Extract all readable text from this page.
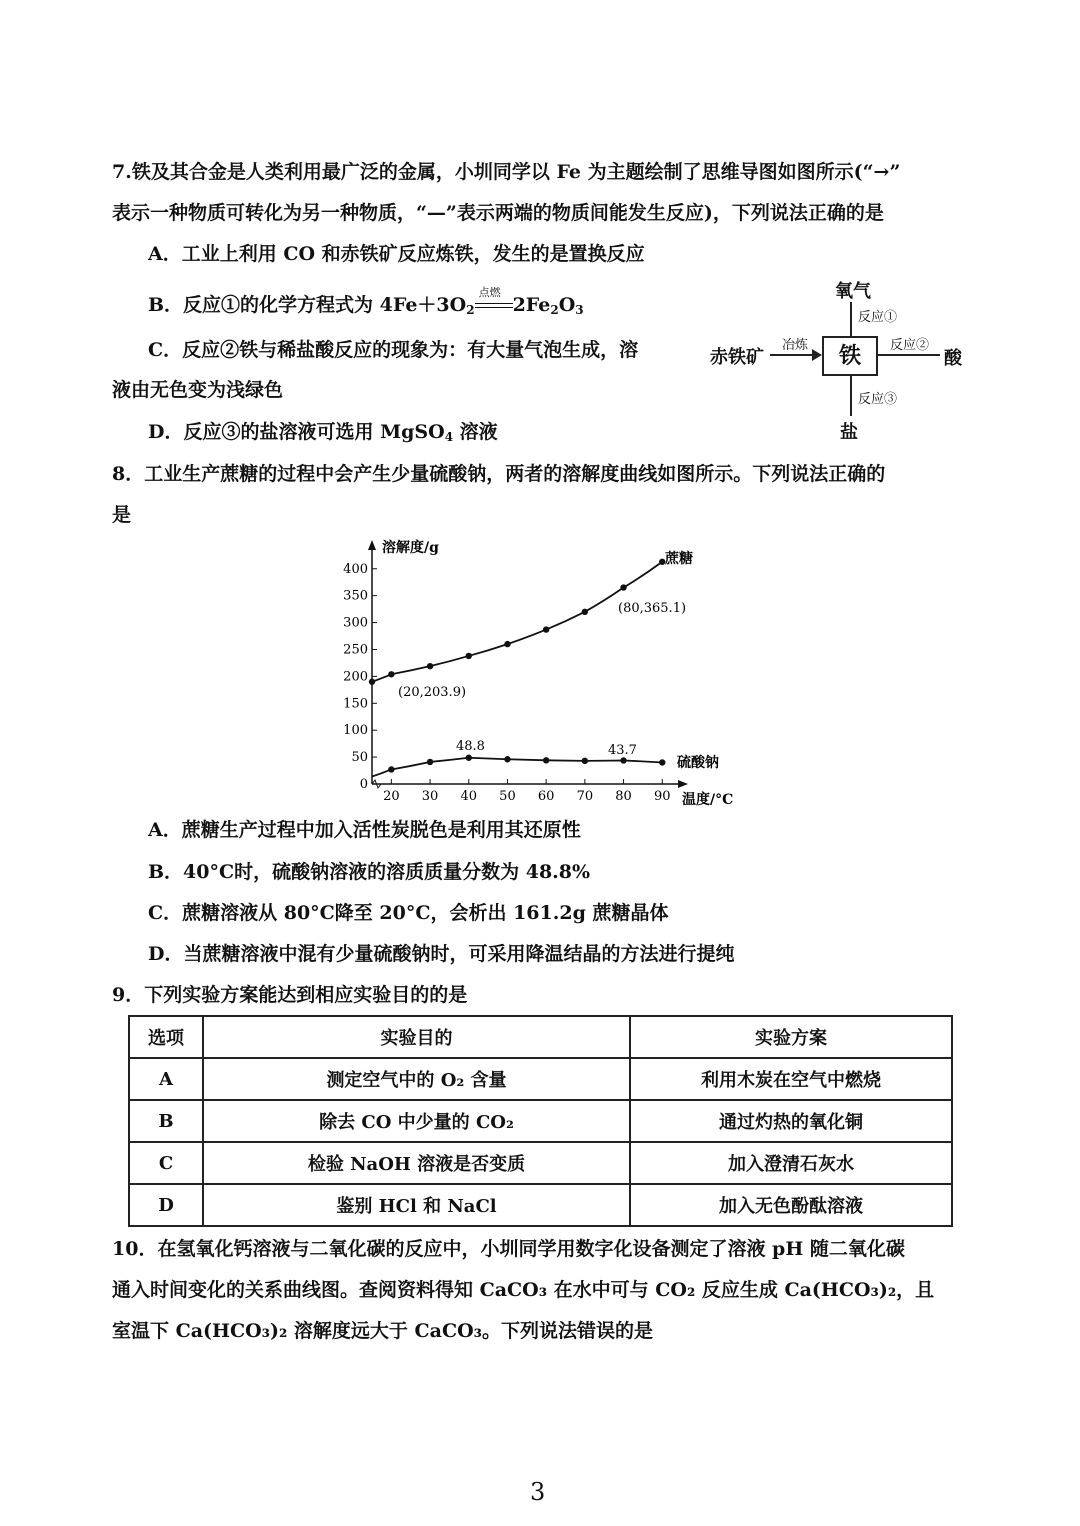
7.铁及其合金是人类利用最广泛的金属，小圳同学以 Fe 为主题绘制了思维导图如图所示(“→”
表示一种物质可转化为另一种物质，“—”表示两端的物质间能发生反应)，下列说法正确的是
A．工业上利用 CO 和赤铁矿反应炼铁，发生的是置换反应
B．反应①的化学方程式为 $4Fe+3O_2$
点燃
$2Fe_2O_3$
C．反应②铁与稀盐酸反应的现象为：有大量气泡生成，溶
液由无色变为浅绿色
D．反应③的盐溶液可选用 MgSO$_4$ 溶液
氧气
反应①
铁
赤铁矿
冶炼	反应②
酸
反应③
盐
8．工业生产蔗糖的过程中会产生少量硫酸钠，两者的溶解度曲线如图所示。下列说法正确的
是
0
50
100
150
200
250
300
350
400
20 30 40 50 60 70 80 90
溶解度/g
温度/°C
蔗糖
硫酸钠
(80,365.1)
(20,203.9)
48.8	43.7
A．蔗糖生产过程中加入活性炭脱色是利用其还原性
B．40°C时，硫酸钠溶液的溶质质量分数为 48.8%
C．蔗糖溶液从 80°C降至 20°C，会析出 161.2g 蔗糖晶体
D．当蔗糖溶液中混有少量硫酸钠时，可采用降温结晶的方法进行提纯
9．下列实验方案能达到相应实验目的的是
选项	实验目的	实验方案
A	测定空气中的 O₂ 含量	利用木炭在空气中燃烧
B	除去 CO 中少量的 CO₂	通过灼热的氧化铜
C	检验 NaOH 溶液是否变质	加入澄清石灰水
D	鉴别 HCl 和 NaCl	加入无色酚酞溶液
10．在氢氧化钙溶液与二氧化碳的反应中，小圳同学用数字化设备测定了溶液 pH 随二氧化碳
通入时间变化的关系曲线图。查阅资料得知 CaCO₃ 在水中可与 CO₂ 反应生成 Ca(HCO₃)₂，且
室温下 Ca(HCO₃)₂ 溶解度远大于 CaCO₃。下列说法错误的是
3
